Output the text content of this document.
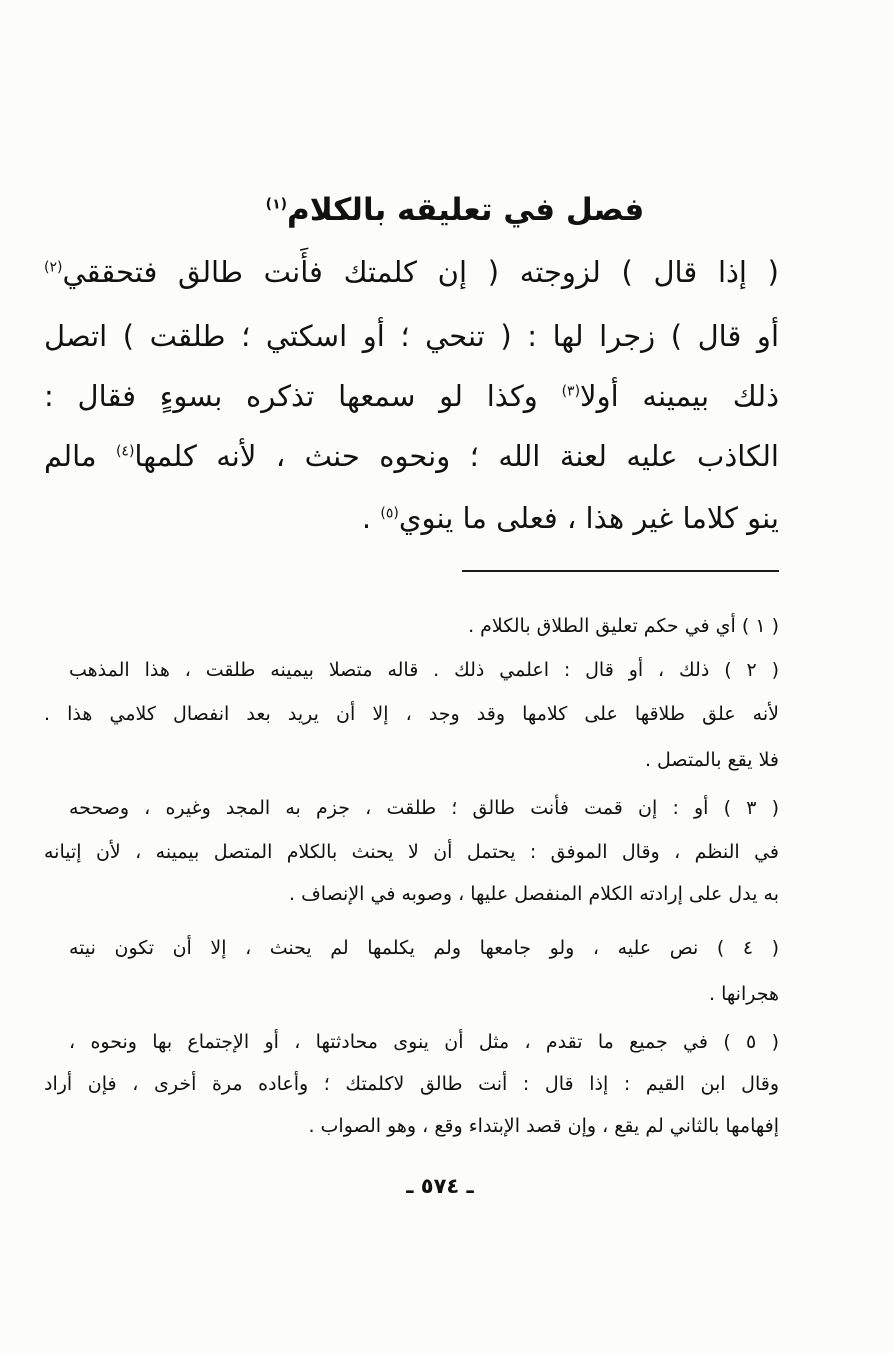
فصل في تعليقه بالكلام$^{(١)}$
( إذا قال ) لزوجته ( إن كلمتك فأَنت طالق فتحققي$^{(٢)}$
أو قال ) زجرا لها : ( تنحي ؛ أو اسكتي ؛ طلقت ) اتصل
ذلك بيمينه أولا$^{(٣)}$ وكذا لو سمعها تذكره بسوءٍ فقال :
الكاذب عليه لعنة الله ؛ ونحوه حنث ، لأنه كلمها$^{(٤)}$ مالم
ينو كلاما غير هذا ، فعلى ما ينوي$^{(٥)}$ .
( ١ ) أي في حكم تعليق الطلاق بالكلام .
( ٢ ) ذلك ، أو قال : اعلمي ذلك . قاله متصلا بيمينه طلقت ، هذا المذهب
لأنه علق طلاقها على كلامها وقد وجد ، إلا أن يريد بعد انفصال كلامي هذا .
فلا يقع بالمتصل .
( ٣ ) أو : إن قمت فأنت طالق ؛ طلقت ، جزم به المجد وغيره ، وصححه
في النظم ، وقال الموفق : يحتمل أن لا يحنث بالكلام المتصل بيمينه ، لأن إتيانه
به يدل على إرادته الكلام المنفصل عليها ، وصوبه في الإنصاف .
( ٤ ) نص عليه ، ولو جامعها ولم يكلمها لم يحنث ، إلا أن تكون نيته
هجرانها .
( ٥ ) في جميع ما تقدم ، مثل أن ينوى محادثتها ، أو الإجتماع بها ونحوه ،
وقال ابن القيم : إذا قال : أنت طالق لاكلمتك ؛ وأعاده مرة أخرى ، فإن أراد
إفهامها بالثاني لم يقع ، وإن قصد الإبتداء وقع ، وهو الصواب .
ـ ٥٧٤ ـ
